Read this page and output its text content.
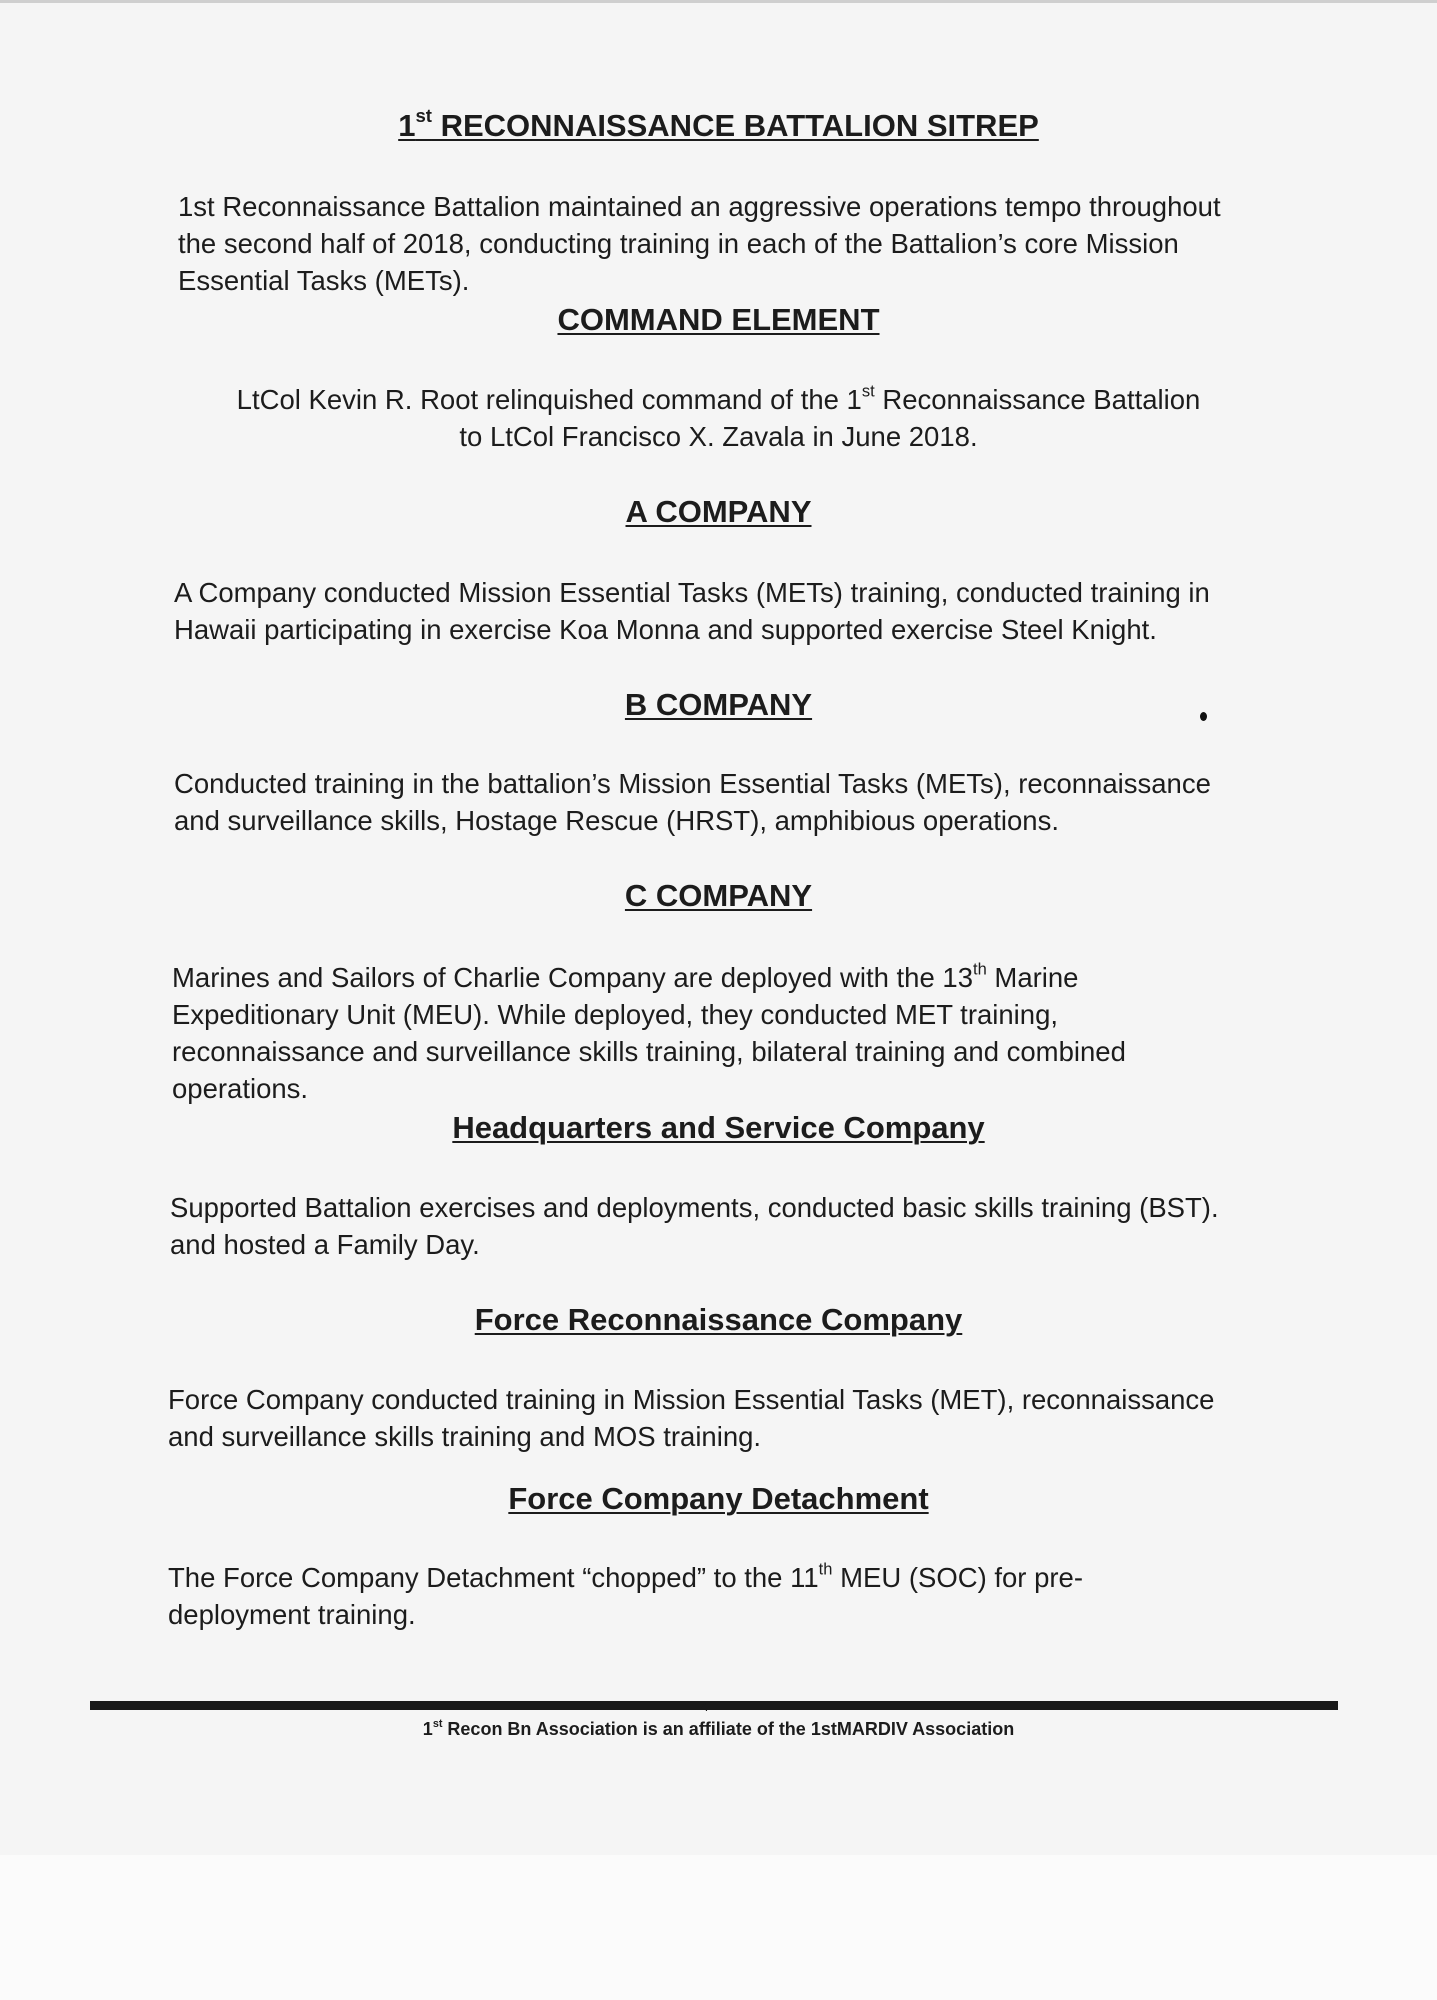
1st RECONNAISSANCE BATTALION SITREP
1st Reconnaissance Battalion maintained an aggressive operations tempo throughout
the second half of 2018, conducting training in each of the Battalion’s core Mission
Essential Tasks (METs).
COMMAND ELEMENT
LtCol Kevin R. Root relinquished command of the 1st Reconnaissance Battalion
to LtCol Francisco X. Zavala in June 2018.
A COMPANY
A Company conducted Mission Essential Tasks (METs) training, conducted training in
Hawaii participating in exercise Koa Monna and supported exercise Steel Knight.
B COMPANY
Conducted training in the battalion’s Mission Essential Tasks (METs), reconnaissance
and surveillance skills, Hostage Rescue (HRST), amphibious operations.
C COMPANY
Marines and Sailors of Charlie Company are deployed with the 13th Marine
Expeditionary Unit (MEU). While deployed, they conducted MET training,
reconnaissance and surveillance skills training, bilateral training and combined
operations.
Headquarters and Service Company
Supported Battalion exercises and deployments, conducted basic skills training (BST).
and hosted a Family Day.
Force Reconnaissance Company
Force Company conducted training in Mission Essential Tasks (MET), reconnaissance
and surveillance skills training and MOS training.
Force Company Detachment
The Force Company Detachment “chopped” to the 11th MEU (SOC) for pre-
deployment training.
4
1st Recon Bn Association is an affiliate of the 1stMARDIV Association
